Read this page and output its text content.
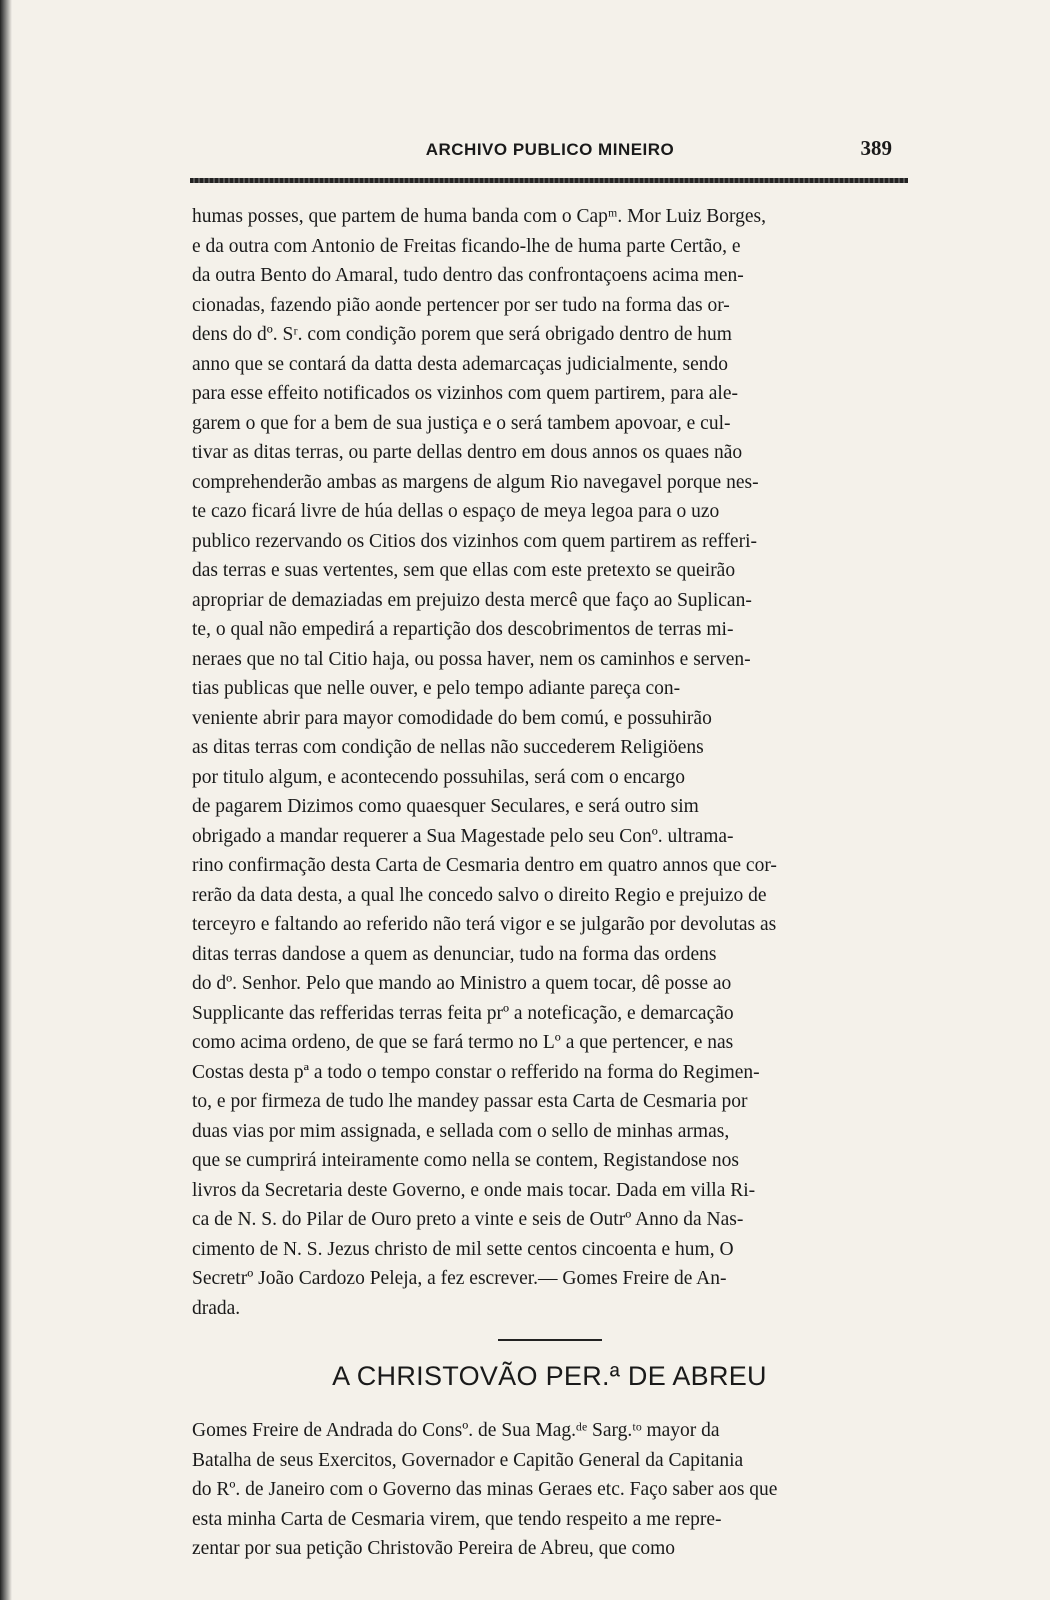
ARCHIVO PUBLICO MINEIRO	389

humas posses, que partem de huma banda com o Capᵐ. Mor Luiz Borges,
e da outra com Antonio de Freitas ficando-lhe de huma parte Certão, e
da outra Bento do Amaral, tudo dentro das confrontaçoens acima men-
cionadas, fazendo pião aonde pertencer por ser tudo na forma das or-
dens do dº. Sʳ. com condição porem que será obrigado dentro de hum
anno que se contará da datta desta ademarcaças judicialmente, sendo
para esse effeito notificados os vizinhos com quem partirem, para ale-
garem o que for a bem de sua justiça e o será tambem apovoar, e cul-
tivar as ditas terras, ou parte dellas dentro em dous annos os quaes não
comprehenderão ambas as margens de algum Rio navegavel porque nes-
te cazo ficará livre de húa dellas o espaço de meya legoa para o uzo
publico rezervando os Citios dos vizinhos com quem partirem as refferi-
das terras e suas vertentes, sem que ellas com este pretexto se queirão
apropriar de demaziadas em prejuizo desta mercê que faço ao Suplican-
te, o qual não empedirá a repartição dos descobrimentos de terras mi-
neraes que no tal Citio haja, ou possa haver, nem os caminhos e serven-
tias publicas que nelle ouver, e pelo tempo adiante pareça con-
veniente abrir para mayor comodidade do bem comú, e possuhirão
as ditas terras com condição de nellas não succederem Religiöens
por titulo algum, e acontecendo possuhilas, será com o encargo
de pagarem Dizimos como quaesquer Seculares, e será outro sim
obrigado a mandar requerer a Sua Magestade pelo seu Conº. ultrama-
rino confirmação desta Carta de Cesmaria dentro em quatro annos que cor-
rerão da data desta, a qual lhe concedo salvo o direito Regio e prejuizo de
terceyro e faltando ao referido não terá vigor e se julgarão por devolutas as
ditas terras dandose a quem as denunciar, tudo na forma das ordens
do dº. Senhor. Pelo que mando ao Ministro a quem tocar, dê posse ao
Supplicante das refferidas terras feita prº a noteficação, e demarcação
como acima ordeno, de que se fará termo no Lº a que pertencer, e nas
Costas desta pª a todo o tempo constar o refferido na forma do Regimen-
to, e por firmeza de tudo lhe mandey passar esta Carta de Cesmaria por
duas vias por mim assignada, e sellada com o sello de minhas armas,
que se cumprirá inteiramente como nella se contem, Registandose nos
livros da Secretaria deste Governo, e onde mais tocar. Dada em villa Ri-
ca de N. S. do Pilar de Ouro preto a vinte e seis de Outrº Anno da Nas-
cimento de N. S. Jezus christo de mil sette centos cincoenta e hum, O
Secretrº João Cardozo Peleja, a fez escrever.— Gomes Freire de An-
drada.

A CHRISTOVÃO PER.ª DE ABREU

Gomes Freire de Andrada do Consº. de Sua Mag.ᵈᵉ Sarg.ᵗᵒ mayor da
Batalha de seus Exercitos, Governador e Capitão General da Capitania
do Rº. de Janeiro com o Governo das minas Geraes etc. Faço saber aos que
esta minha Carta de Cesmaria virem, que tendo respeito a me repre-
zentar por sua petição Christovão Pereira de Abreu, que como
